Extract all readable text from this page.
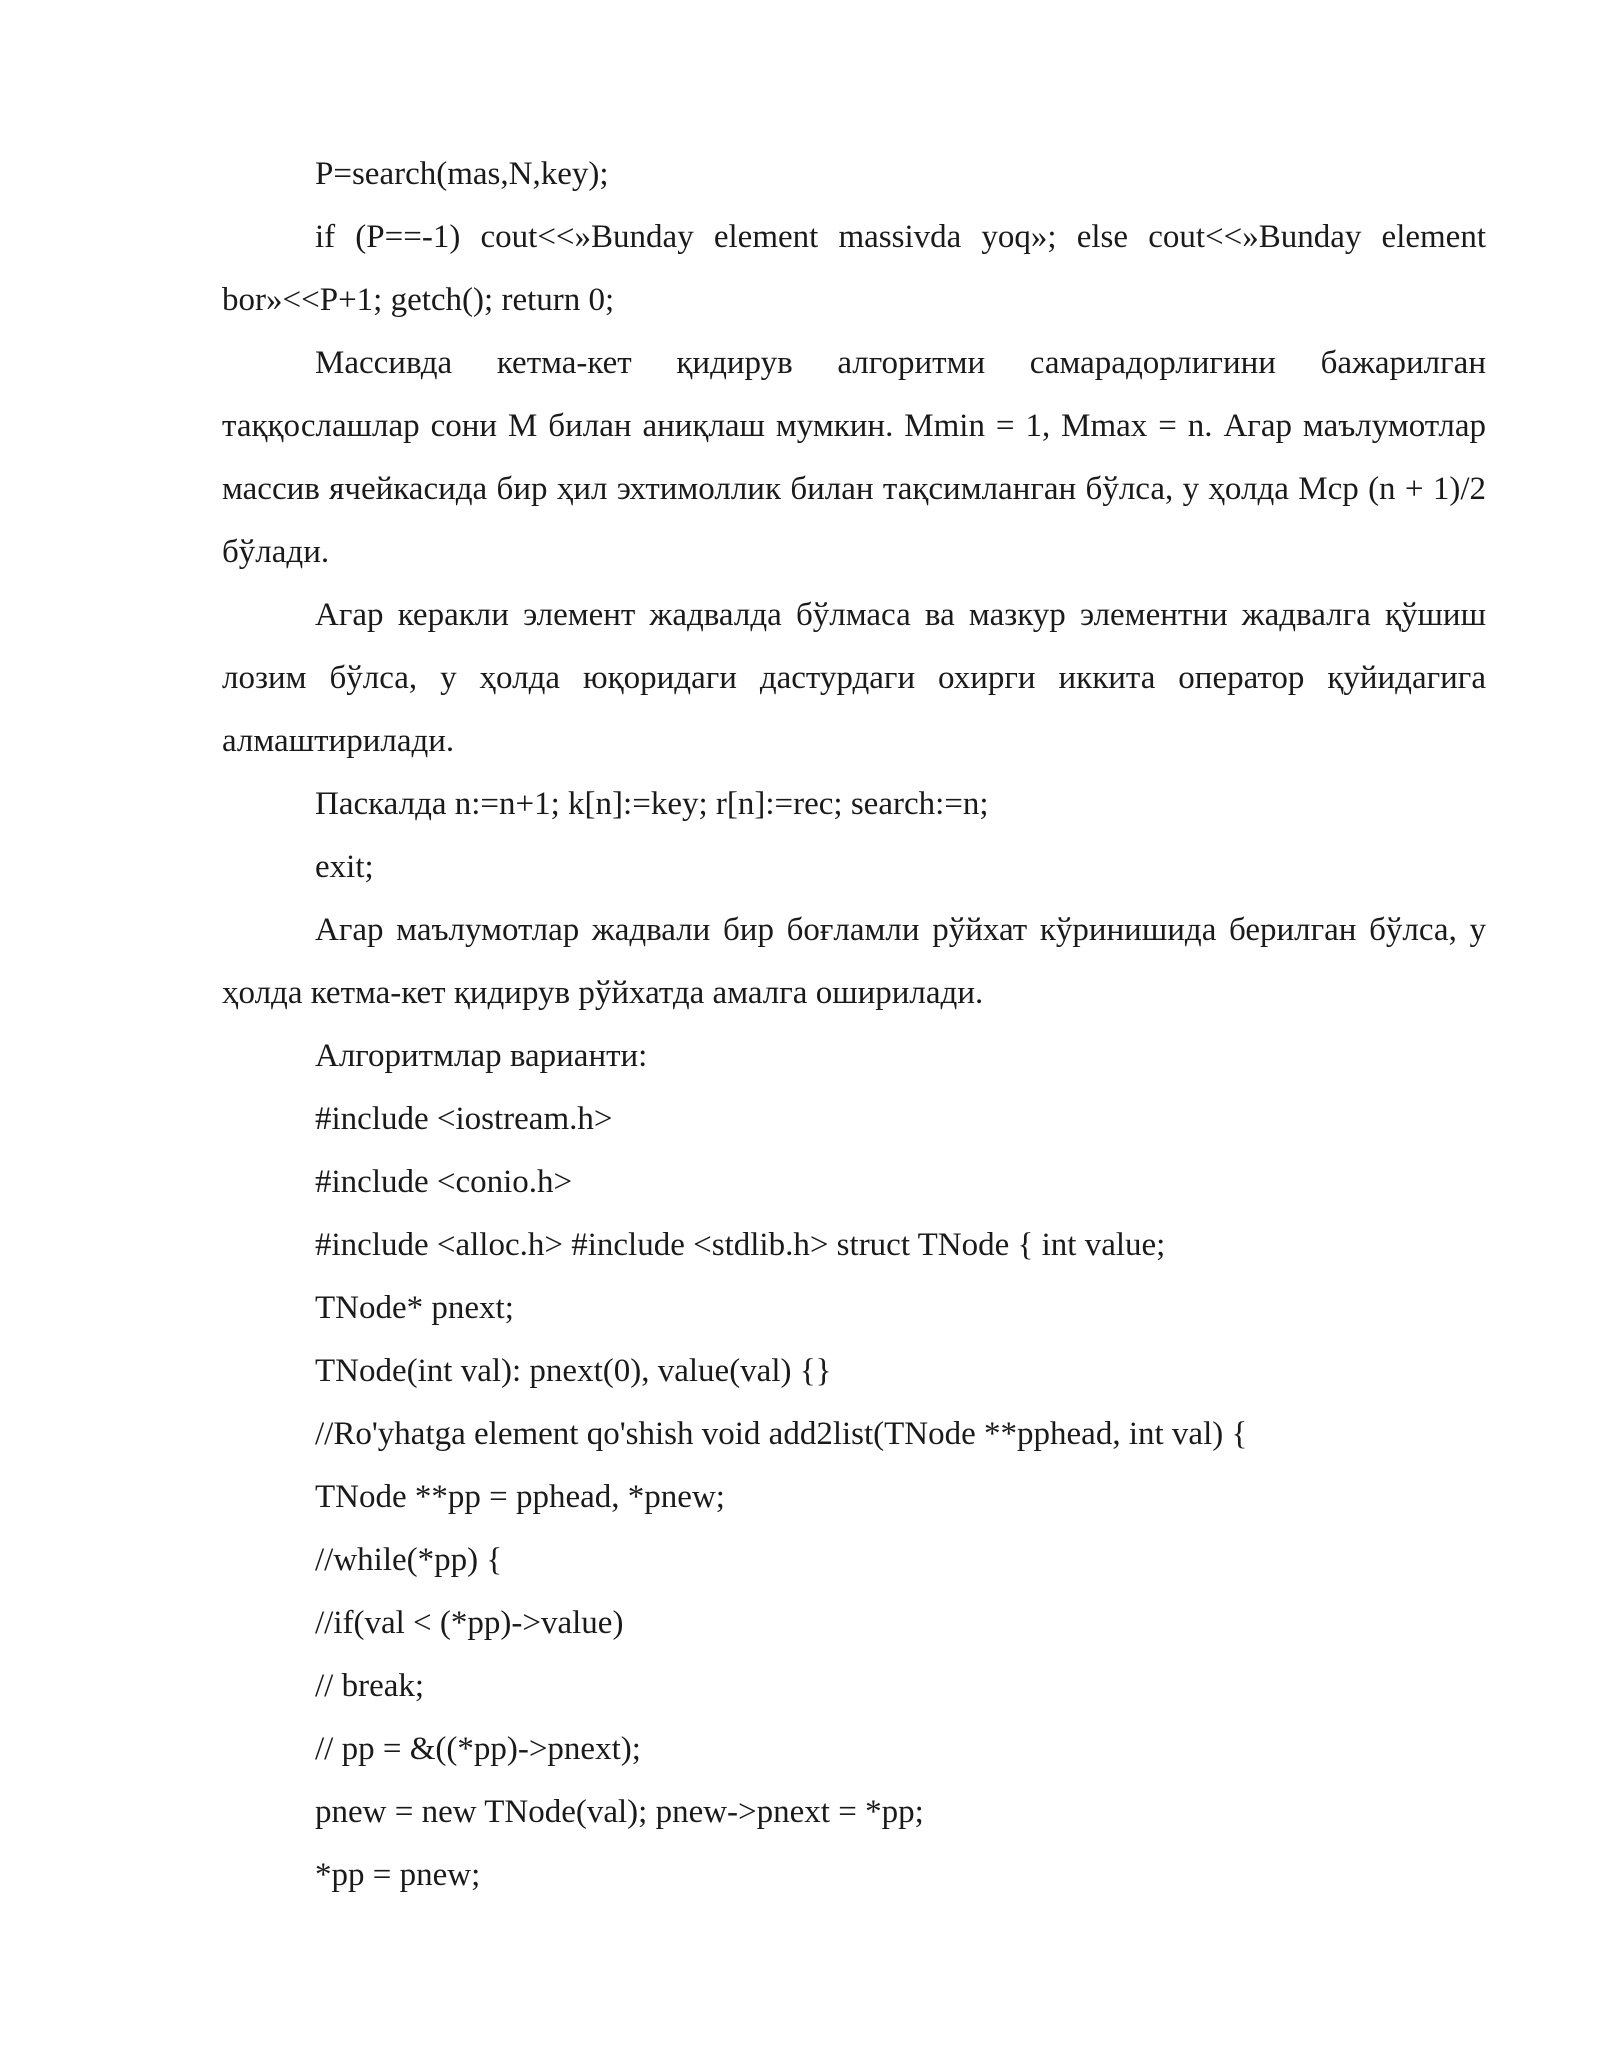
P=search(mas,N,key);

if (P==-1) cout<<»Bunday element massivda yoq»; else cout<<»Bunday element bor»<<P+1; getch(); return 0;

Массивда кетма-кет қидирув алгоритми самарадорлигини бажарилган таққослашлар сони M билан аниқлаш мумкин. Mmin = 1, Mmax = n. Агар маълумотлар массив ячейкасида бир ҳил эхтимоллик билан тақсимланган бўлса, у ҳолда Mср (n + 1)/2 бўлади.

Агар керакли элемент жадвалда бўлмаса ва мазкур элементни жадвалга қўшиш лозим бўлса, у ҳолда юқоридаги дастурдаги охирги иккита оператор қуйидагига алмаштирилади.

Паскалда n:=n+1; k[n]:=key; r[n]:=rec; search:=n;

exit;

Агар маълумотлар жадвали бир боғламли рўйхат кўринишида берилган бўлса, у ҳолда кетма-кет қидирув рўйхатда амалга оширилади.

Алгоритмлар варианти:

#include <iostream.h>

#include <conio.h>

#include <alloc.h> #include <stdlib.h> struct TNode { int value;

TNode* pnext;

TNode(int val): pnext(0), value(val) {}

//Ro'yhatga element qo'shish void add2list(TNode **pphead, int val) {

TNode **pp = pphead, *pnew;

//while(*pp) {

//if(val < (*pp)->value)

// break;

// pp = &((*pp)->pnext);

pnew = new TNode(val); pnew->pnext = *pp;

*pp = pnew;
